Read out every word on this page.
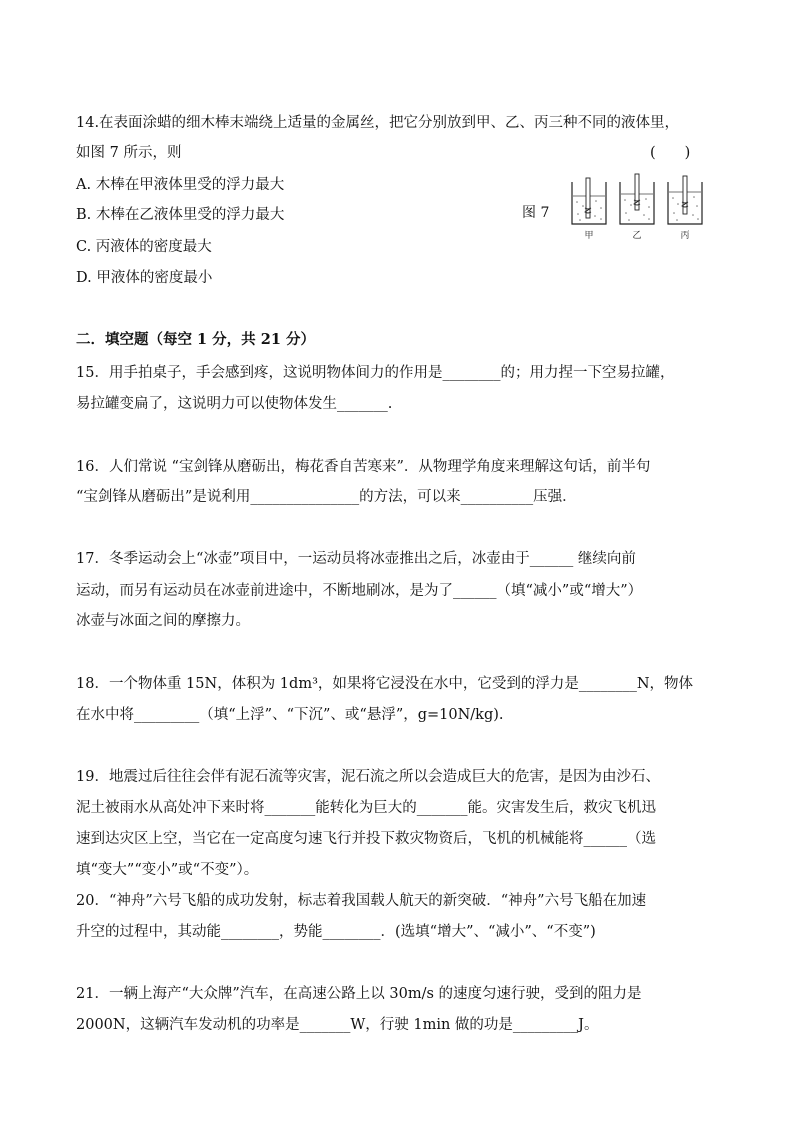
14.在表面涂蜡的细木棒末端绕上适量的金属丝，把它分别放到甲、乙、丙三种不同的液体里，
如图 7 所示，则	(　　)
A. 木棒在甲液体里受的浮力最大
B. 木棒在乙液体里受的浮力最大
C. 丙液体的密度最大
D. 甲液体的密度最小
图 7
甲	乙	丙
二．填空题（每空 1 分，共 21 分）
15．用手拍桌子，手会感到疼，这说明物体间力的作用是________的；用力捏一下空易拉罐，
易拉罐变扁了，这说明力可以使物体发生_______.
16．人们常说 “宝剑锋从磨砺出，梅花香自苦寒来”．从物理学角度来理解这句话，前半句
“宝剑锋从磨砺出”是说利用_______________的方法，可以来__________压强．
17．冬季运动会上“冰壶”项目中，一运动员将冰壶推出之后，冰壶由于______ 继续向前
运动，而另有运动员在冰壶前进途中，不断地刷冰，是为了______（填“减小”或“增大”）
冰壶与冰面之间的摩擦力。
18．一个物体重 15N，体积为 1dm³，如果将它浸没在水中，它受到的浮力是________N，物体
在水中将_________（填“上浮”、“下沉”、或“悬浮”，g=10N/kg).
19．地震过后往往会伴有泥石流等灾害，泥石流之所以会造成巨大的危害，是因为由沙石、
泥土被雨水从高处冲下来时将_______能转化为巨大的_______能。灾害发生后，救灾飞机迅
速到达灾区上空，当它在一定高度匀速飞行并投下救灾物资后，飞机的机械能将______（选
填“变大”“变小”或“不变”）。
20．“神舟”六号飞船的成功发射，标志着我国载人航天的新突破．“神舟”六号飞船在加速
升空的过程中，其动能________，势能________．(选填“增大”、“减小”、“不变”)
21．一辆上海产“大众牌”汽车，在高速公路上以 30m/s 的速度匀速行驶，受到的阻力是
2000N，这辆汽车发动机的功率是_______W，行驶 1min 做的功是_________J。
